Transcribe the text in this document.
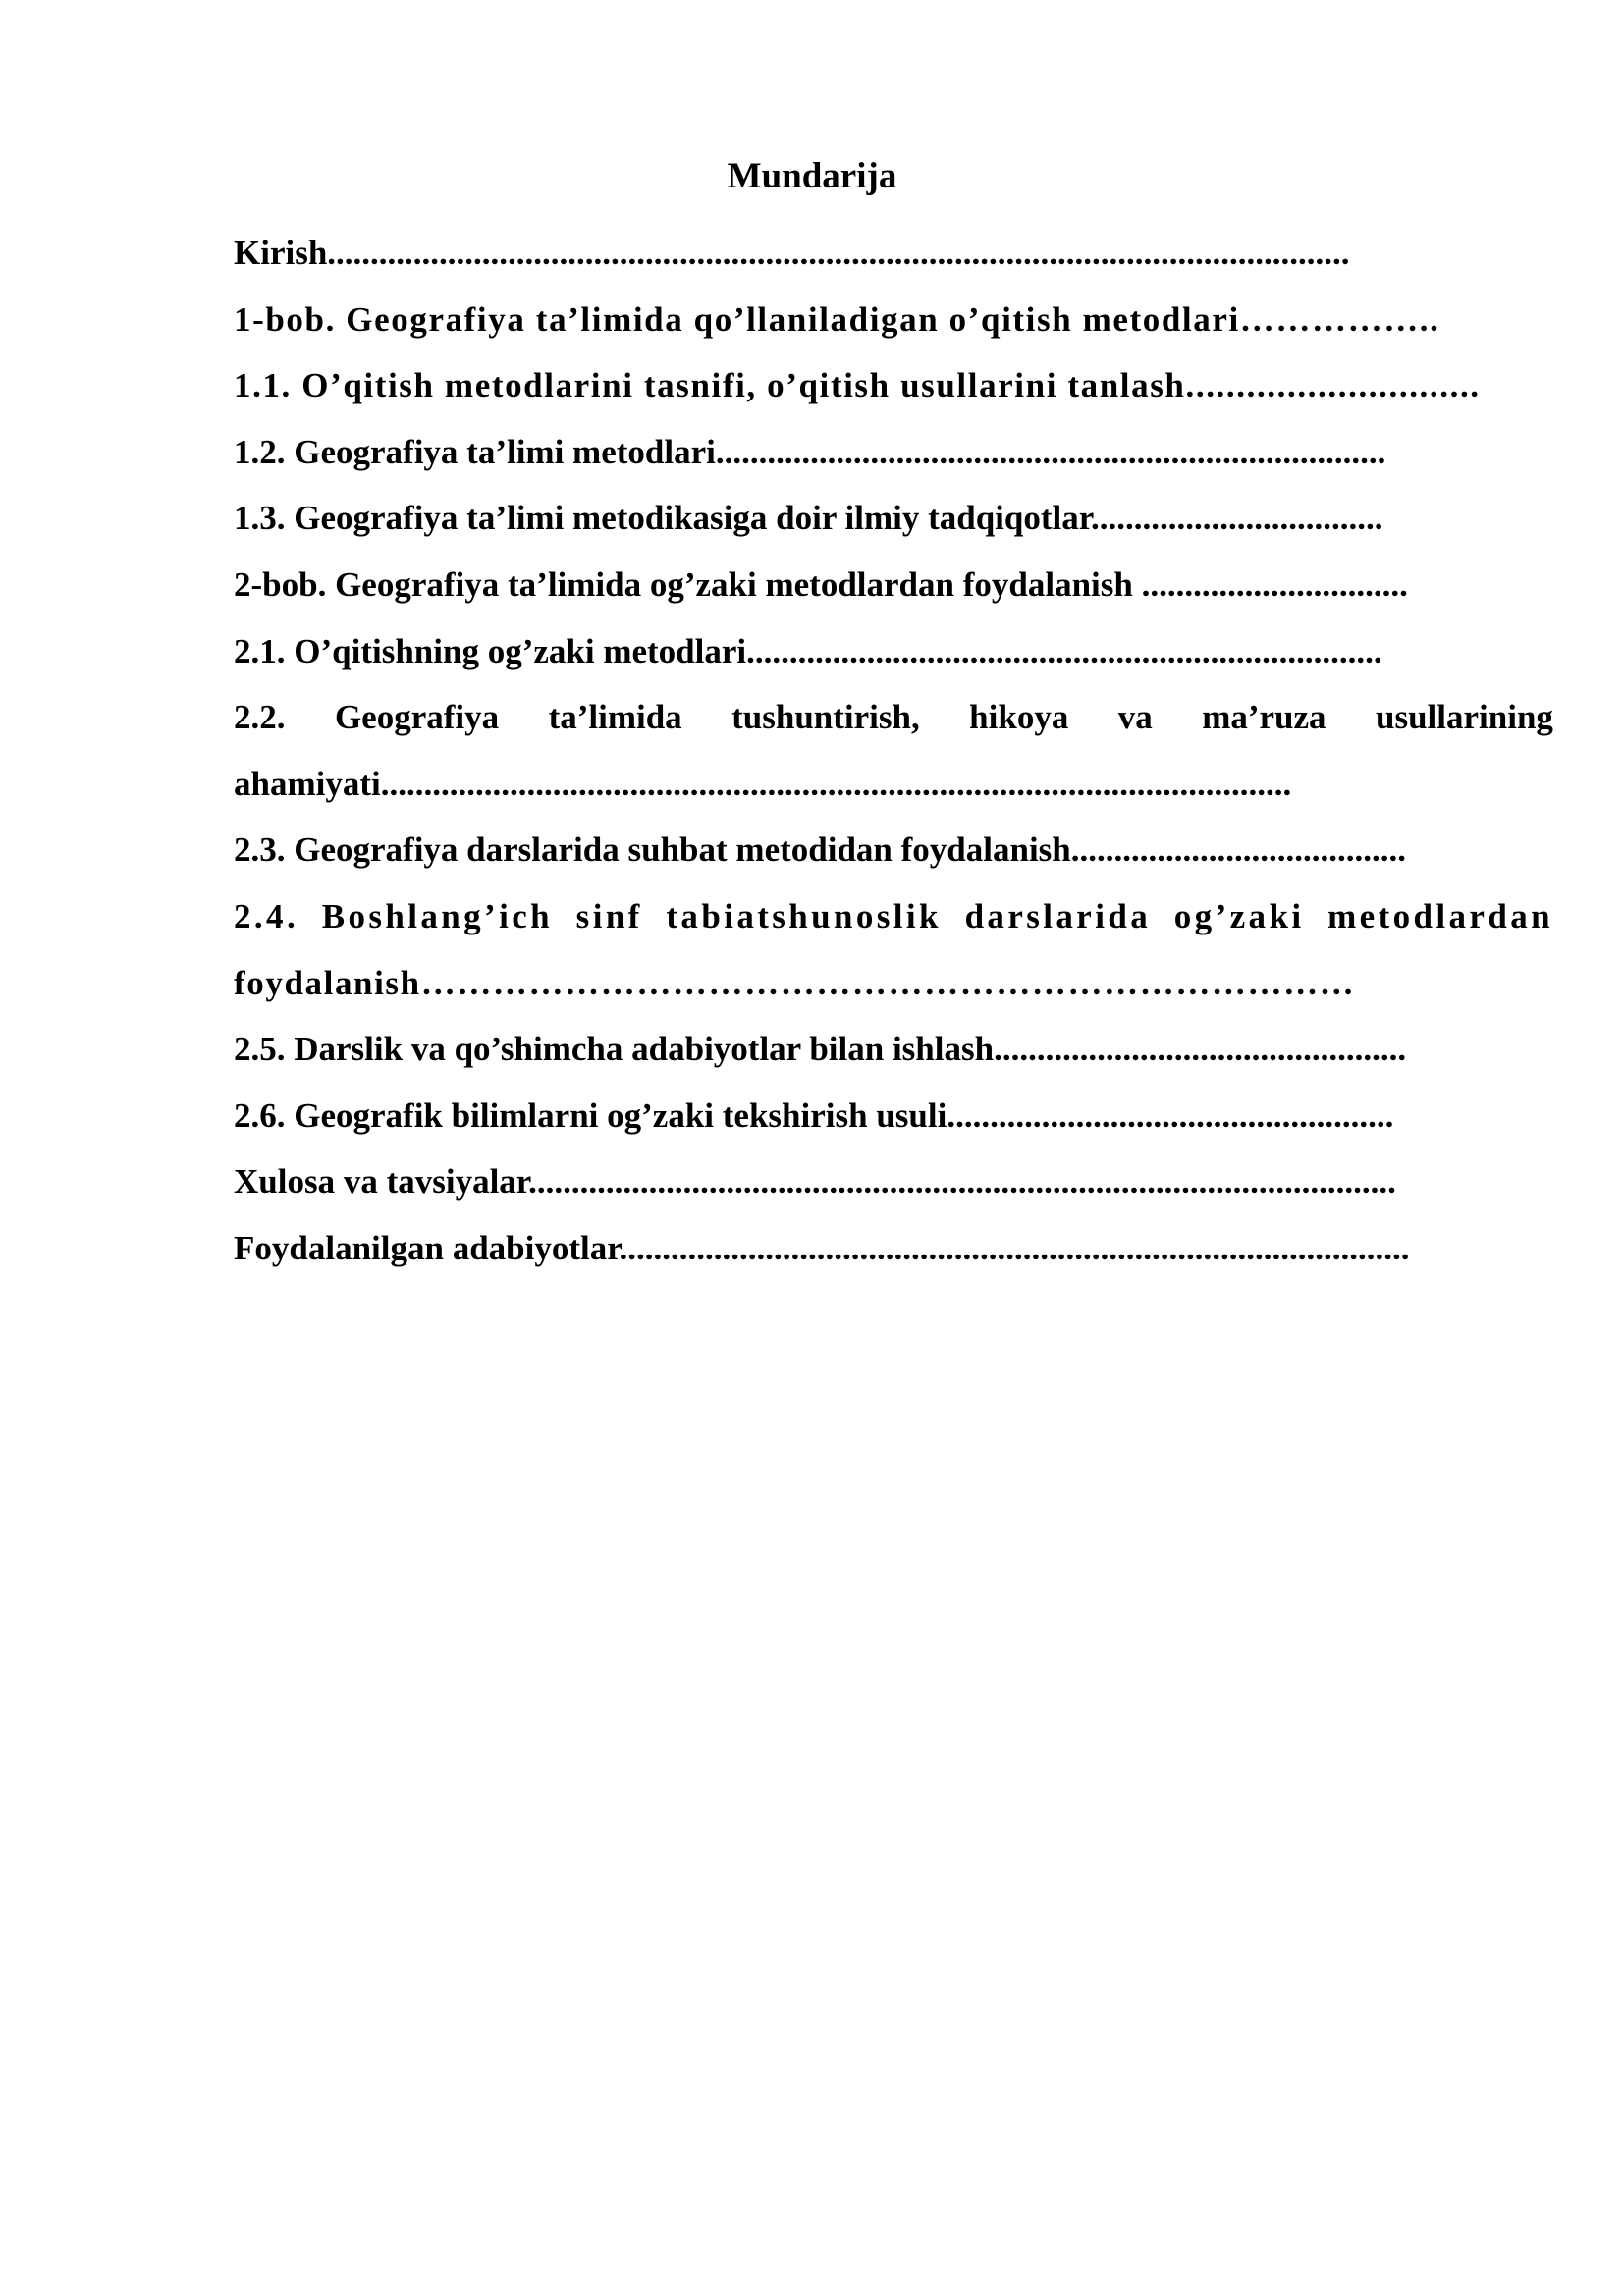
Mundarija
Kirish.......................................................................................................................
1-bob. Geografiya ta’limida qo’llaniladigan o’qitish metodlari……………..
1.1. O’qitish metodlarini tasnifi, o’qitish usullarini tanlash.............................
1.2. Geografiya ta’limi metodlari..............................................................................
1.3. Geografiya ta’limi metodikasiga doir ilmiy tadqiqotlar..................................
2-bob. Geografiya ta’limida og’zaki metodlardan foydalanish ...............................
2.1. O’qitishning og’zaki metodlari..........................................................................
2.2. Geografiya ta’limida tushuntirish, hikoya va ma’ruza usullarining
ahamiyati..........................................................................................................
2.3. Geografiya darslarida suhbat metodidan foydalanish.......................................
2.4. Boshlang’ich sinf tabiatshunoslik darslarida og’zaki metodlardan
foydalanish……………………………………………………………………
2.5. Darslik va qo’shimcha adabiyotlar bilan ishlash................................................
2.6. Geografik bilimlarni og’zaki tekshirish usuli....................................................
Xulosa va tavsiyalar.....................................................................................................
Foydalanilgan adabiyotlar............................................................................................
